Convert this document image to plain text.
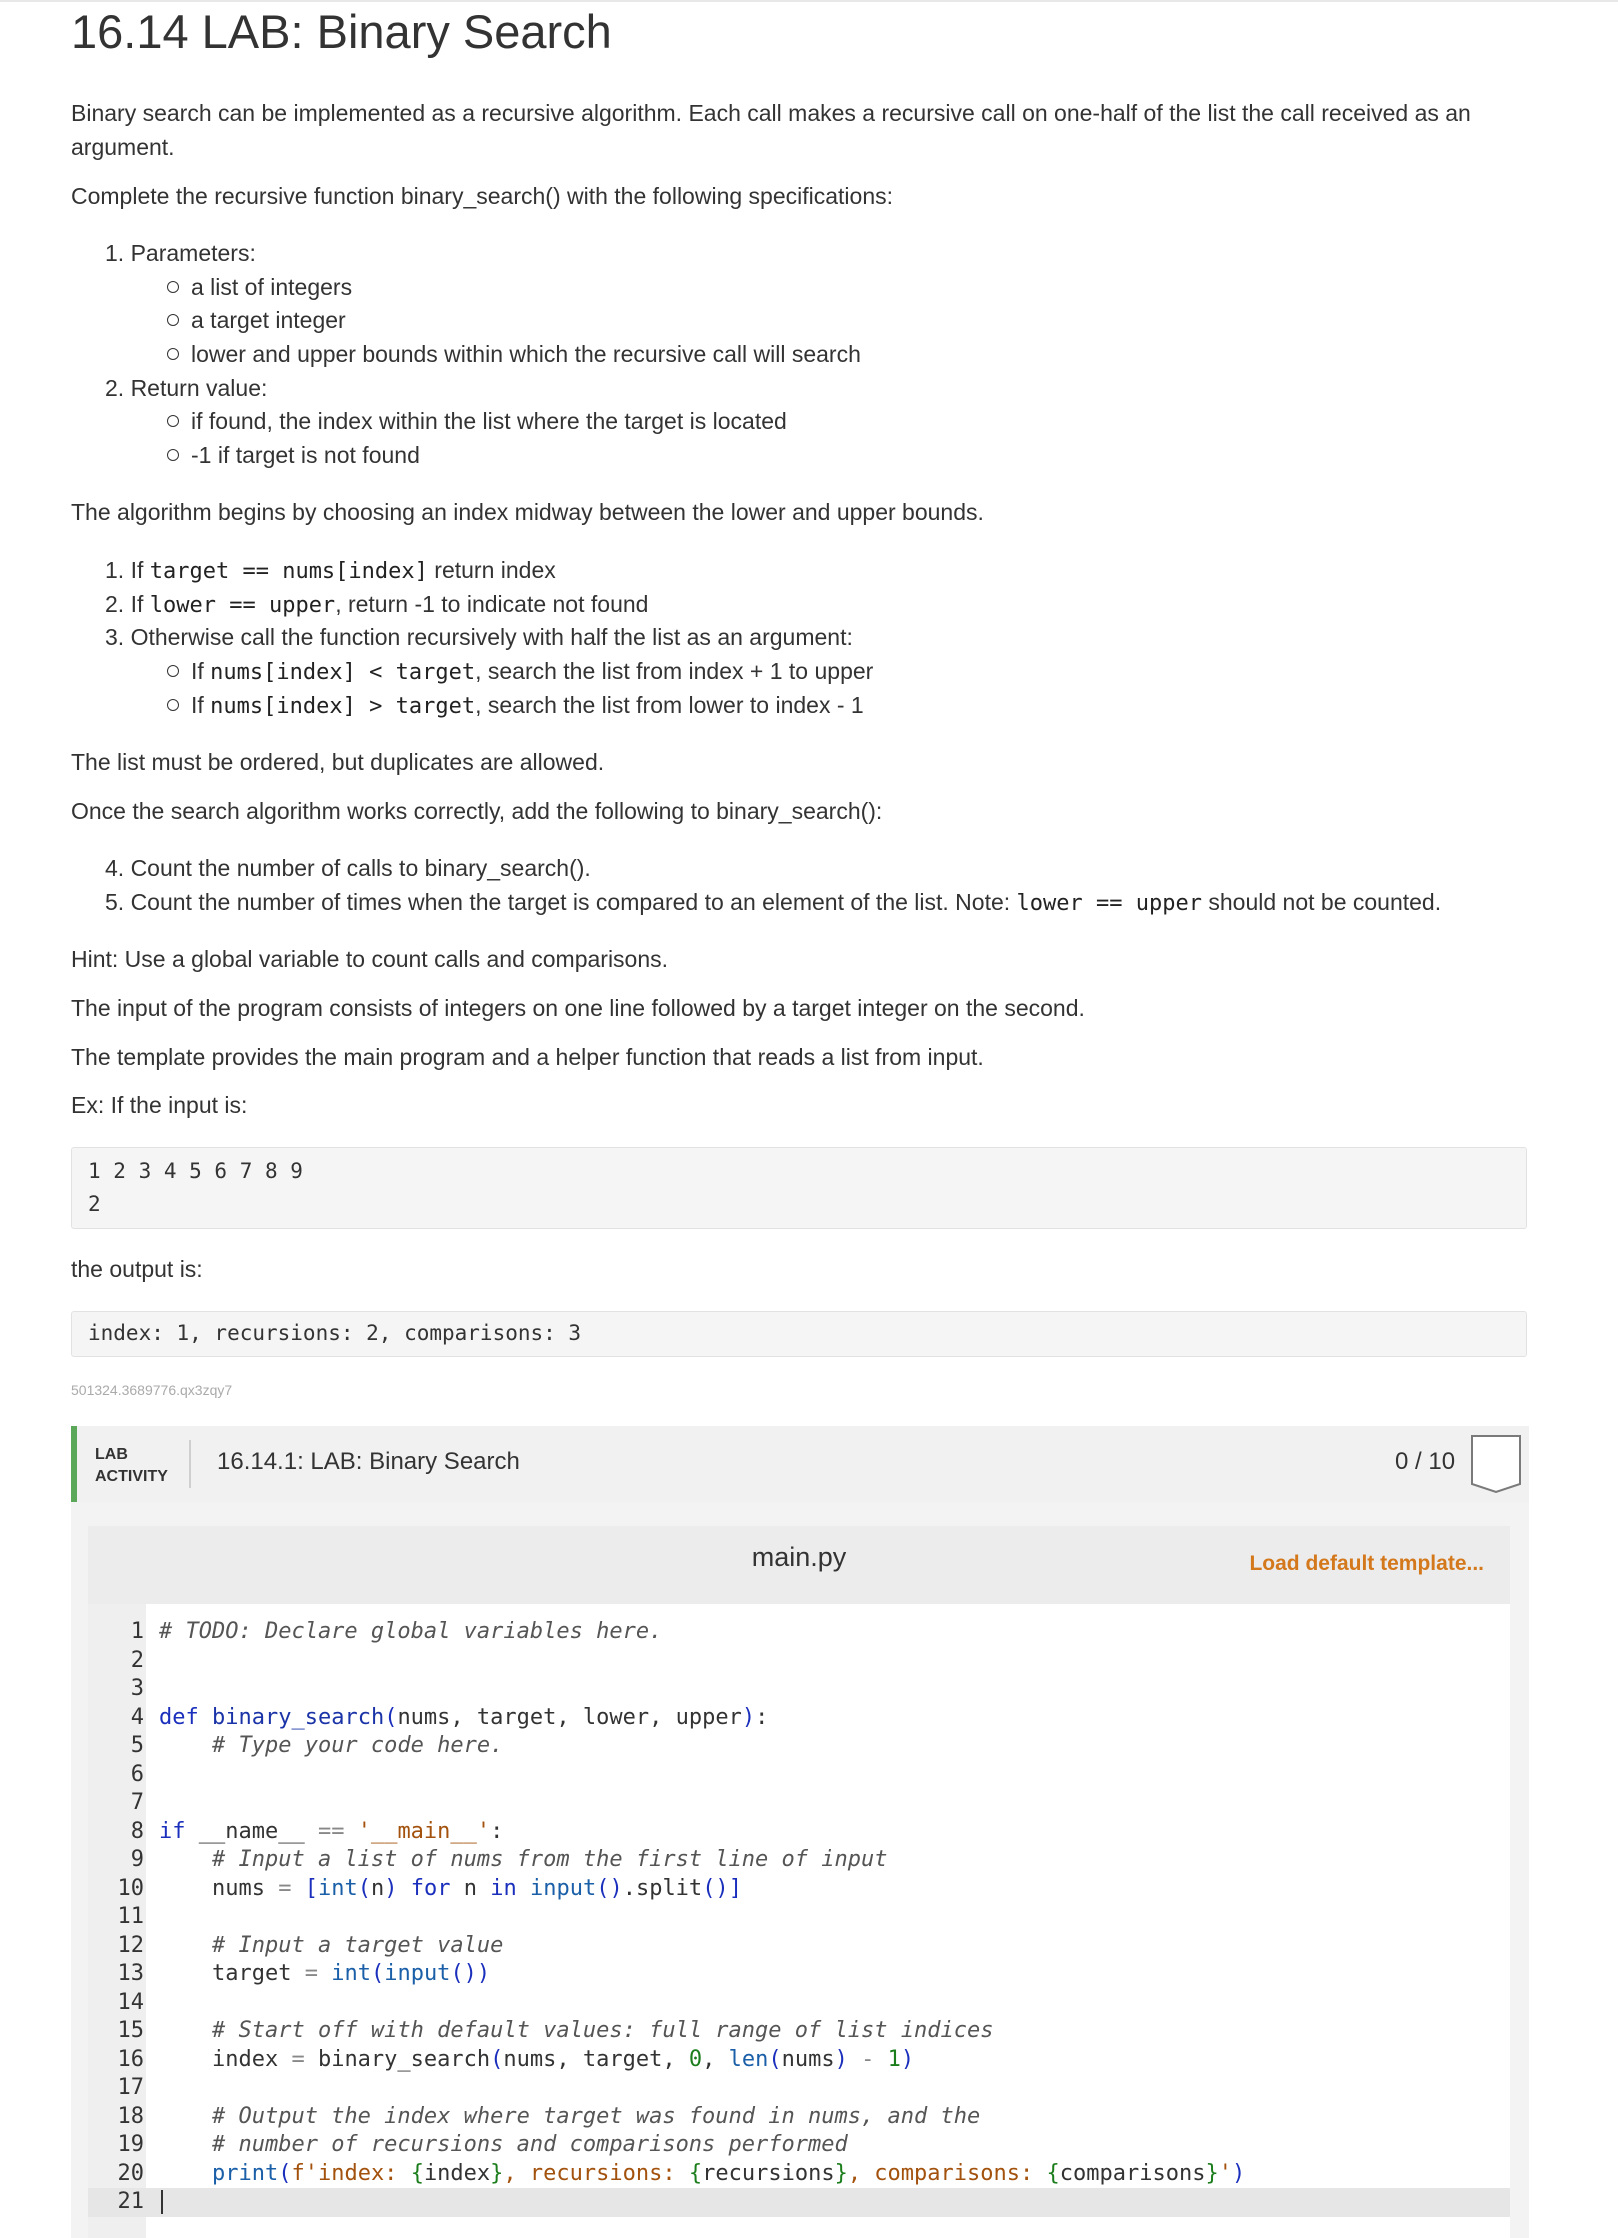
16.14 LAB: Binary Search

Binary search can be implemented as a recursive algorithm. Each call makes a recursive call on one-half of the list the call received as an argument.

Complete the recursive function binary_search() with the following specifications:

1. Parameters:
a list of integers
a target integer
lower and upper bounds within which the recursive call will search
2. Return value:
if found, the index within the list where the target is located
-1 if target is not found

The algorithm begins by choosing an index midway between the lower and upper bounds.

1. If target == nums[index] return index
2. If lower == upper, return -1 to indicate not found
3. Otherwise call the function recursively with half the list as an argument:
If nums[index] < target, search the list from index + 1 to upper
If nums[index] > target, search the list from lower to index - 1

The list must be ordered, but duplicates are allowed.

Once the search algorithm works correctly, add the following to binary_search():

4. Count the number of calls to binary_search().
5. Count the number of times when the target is compared to an element of the list. Note: lower == upper should not be counted.

Hint: Use a global variable to count calls and comparisons.

The input of the program consists of integers on one line followed by a target integer on the second.

The template provides the main program and a helper function that reads a list from input.

Ex: If the input is:

1 2 3 4 5 6 7 8 9
2

the output is:

index: 1, recursions: 2, comparisons: 3
501324.3689776.qx3zqy7
LAB
ACTIVITY
16.14.1: LAB: Binary Search	0 / 10
main.py	Load default template...
1 # TODO: Declare global variables here.
2
3
4 def binary_search(nums, target, lower, upper):
5	# Type your code here.
6
7
8 if __name__ == '__main__':
9	# Input a list of nums from the first line of input
10 nums = [int(n) for n in input().split()]
11
12	# Input a target value
13 target = int(input())
14
15	# Start off with default values: full range of list indices
16 index = binary_search(nums, target, 0, len(nums) - 1)
17
18	# Output the index where target was found in nums, and the
19	# number of recursions and comparisons performed
20	print(f'index: {index}, recursions: {recursions}, comparisons: {comparisons}')
21
